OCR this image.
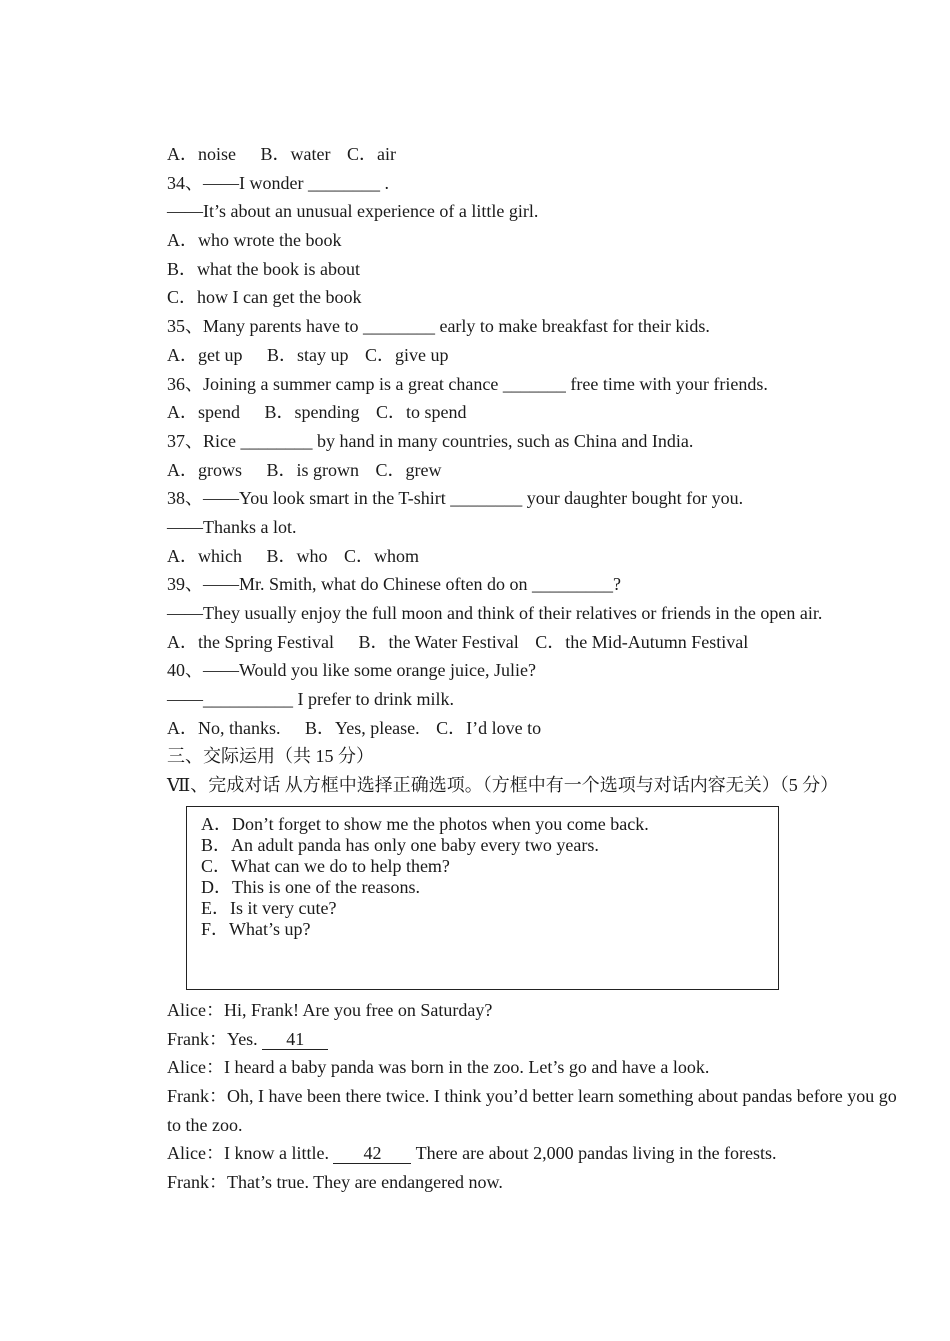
A．noise B．water C．air
34、——I wonder ________ .
——It’s about an unusual experience of a little girl.
A．who wrote the book
B．what the book is about
C．how I can get the book
35、Many parents have to ________ early to make breakfast for their kids.
A．get up B．stay up C．give up
36、Joining a summer camp is a great chance _______ free time with your friends.
A．spend B．spending C．to spend
37、Rice ________ by hand in many countries, such as China and India.
A．grows B．is grown C．grew
38、——You look smart in the T-shirt ________ your daughter bought for you.
——Thanks a lot.
A．which B．who C．whom
39、——Mr. Smith, what do Chinese often do on _________?
——They usually enjoy the full moon and think of their relatives or friends in the open air.
A．the Spring Festival B．the Water Festival C．the Mid-Autumn Festival
40、——Would you like some orange juice, Julie?
——__________ I prefer to drink milk.
A．No, thanks. B．Yes, please. C．I’d love to
三、交际运用（共 15 分）
Ⅶ、完成对话 从方框中选择正确选项。（方框中有一个选项与对话内容无关）（5 分）
A．Don’t forget to show me the photos when you come back.
B．An adult panda has only one baby every two years.
C．What can we do to help them?
D．This is one of the reasons.
E．Is it very cute?
F．What’s up?
Alice：Hi, Frank! Are you free on Saturday?
Frank：Yes. 41
Alice：I heard a baby panda was born in the zoo. Let’s go and have a look.
Frank：Oh, I have been there twice. I think you’d better learn something about pandas before you go to the zoo.
Alice：I know a little. 42 There are about 2,000 pandas living in the forests.
Frank：That’s true. They are endangered now.
